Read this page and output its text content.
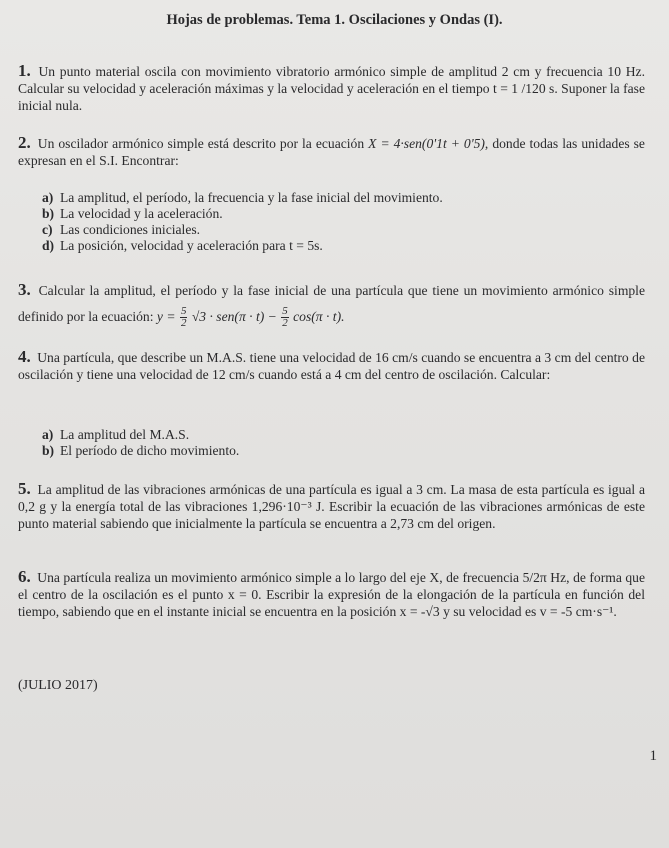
Hojas de problemas. Tema 1. Oscilaciones y Ondas (I).
1. Un punto material oscila con movimiento vibratorio armónico simple de amplitud 2 cm y frecuencia 10 Hz. Calcular su velocidad y aceleración máximas y la velocidad y aceleración en el tiempo t = 1 /120 s. Suponer la fase inicial nula.
2. Un oscilador armónico simple está descrito por la ecuación X = 4·sen(0'1t + 0'5), donde todas las unidades se expresan en el S.I. Encontrar:
a) La amplitud, el período, la frecuencia y la fase inicial del movimiento.
b) La velocidad y la aceleración.
c) Las condiciones iniciales.
d) La posición, velocidad y aceleración para t = 5s.
3. Calcular la amplitud, el período y la fase inicial de una partícula que tiene un movimiento armónico simple definido por la ecuación: $y = \frac{5}{2} √3 \cdot sen(\pi \cdot t) - \frac{5}{2} \cos(\pi \cdot t)$.
4. Una partícula, que describe un M.A.S. tiene una velocidad de 16 cm/s cuando se encuentra a 3 cm del centro de oscilación y tiene una velocidad de 12 cm/s cuando está a 4 cm del centro de oscilación. Calcular:
a) La amplitud del M.A.S.
b) El período de dicho movimiento.
5. La amplitud de las vibraciones armónicas de una partícula es igual a 3 cm. La masa de esta partícula es igual a 0,2 g y la energía total de las vibraciones 1,296·10⁻³ J. Escribir la ecuación de las vibraciones armónicas de este punto material sabiendo que inicialmente la partícula se encuentra a 2,73 cm del origen.
6. Una partícula realiza un movimiento armónico simple a lo largo del eje X, de frecuencia 5/2π Hz, de forma que el centro de la oscilación es el punto x = 0. Escribir la expresión de la elongación de la partícula en función del tiempo, sabiendo que en el instante inicial se encuentra en la posición x = -√3 y su velocidad es v = -5 cm·s⁻¹.
(JULIO 2017)
1
